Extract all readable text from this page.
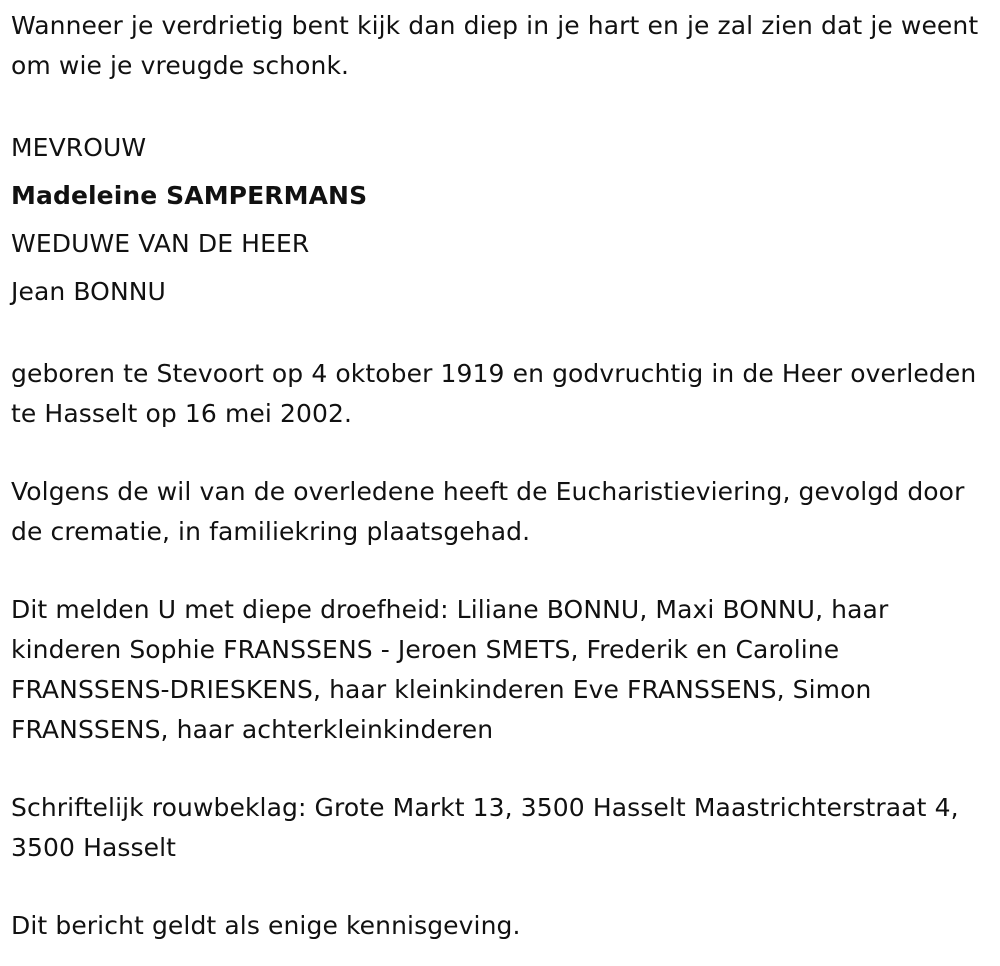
Wanneer je verdrietig bent kijk dan diep in je hart en je zal zien dat je weent om wie je vreugde schonk.

MEVROUW

Madeleine SAMPERMANS

WEDUWE VAN DE HEER

Jean BONNU

geboren te Stevoort op 4 oktober 1919 en godvruchtig in de Heer overleden te Hasselt op 16 mei 2002.

Volgens de wil van de overledene heeft de Eucharistieviering, gevolgd door de crematie, in familiekring plaatsgehad.

Dit melden U met diepe droefheid: Liliane BONNU, Maxi BONNU, haar kinderen Sophie FRANSSENS - Jeroen SMETS, Frederik en Caroline FRANSSENS-DRIESKENS, haar kleinkinderen Eve FRANSSENS, Simon FRANSSENS, haar achterkleinkinderen

Schriftelijk rouwbeklag: Grote Markt 13, 3500 Hasselt Maastrichterstraat 4, 3500 Hasselt

Dit bericht geldt als enige kennisgeving.
